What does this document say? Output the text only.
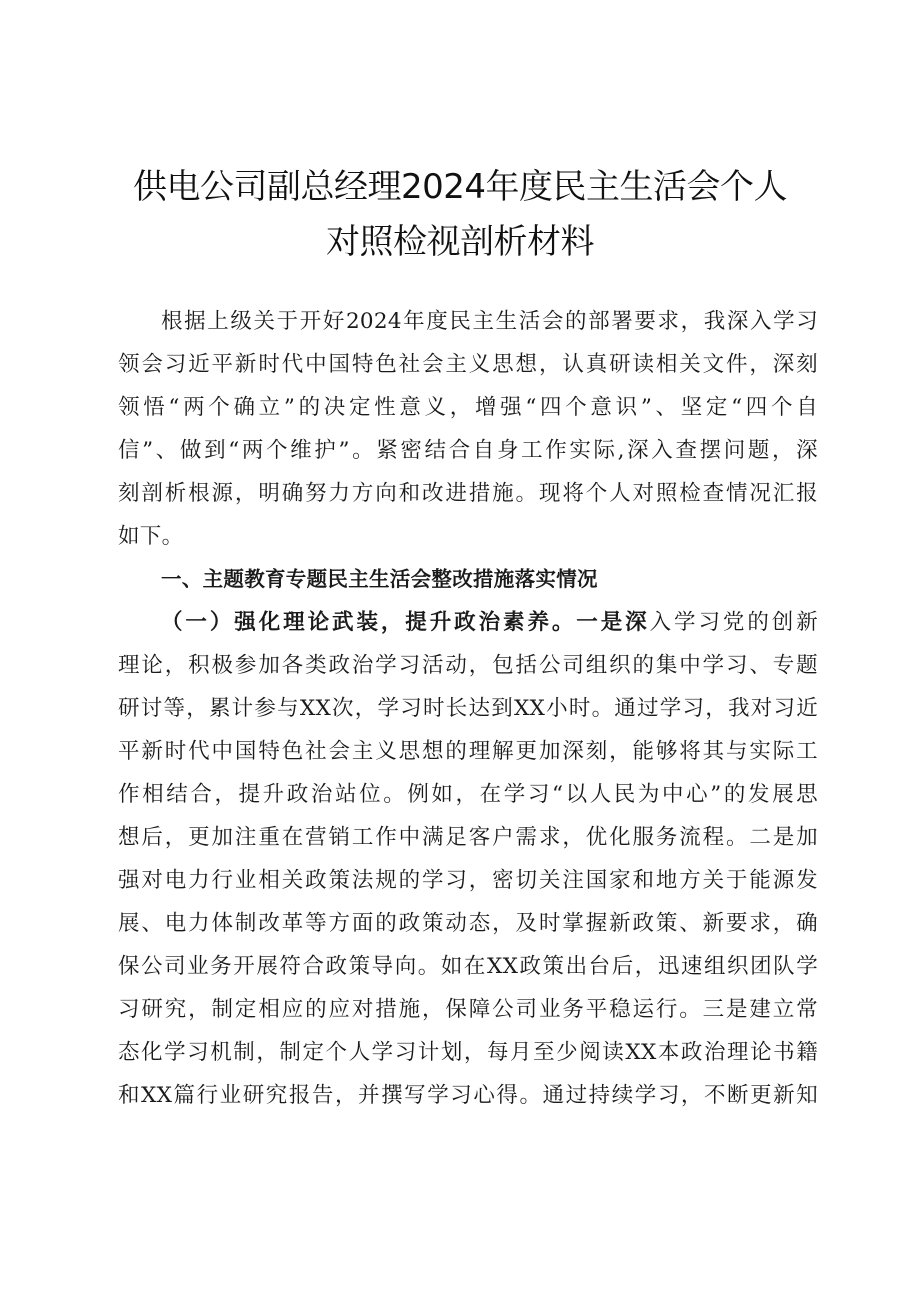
供电公司副总经理2024年度民主生活会个人
对照检视剖析材料
根据上级关于开好2024年度民主生活会的部署要求，我深入学习
领会习近平新时代中国特色社会主义思想，认真研读相关文件，深刻
领悟“两个确立”的决定性意义，增强“四个意识”、坚定“四个自
信”、做到“两个维护”。紧密结合自身工作实际,深入查摆问题，深
刻剖析根源，明确努力方向和改进措施。现将个人对照检查情况汇报
如下。
一、主题教育专题民主生活会整改措施落实情况
（一）强化理论武装，提升政治素养。一是深入学习党的创新
理论，积极参加各类政治学习活动，包括公司组织的集中学习、专题
研讨等，累计参与XX次，学习时长达到XX小时。通过学习，我对习近
平新时代中国特色社会主义思想的理解更加深刻，能够将其与实际工
作相结合，提升政治站位。例如，在学习“以人民为中心”的发展思
想后，更加注重在营销工作中满足客户需求，优化服务流程。二是加
强对电力行业相关政策法规的学习，密切关注国家和地方关于能源发
展、电力体制改革等方面的政策动态，及时掌握新政策、新要求，确
保公司业务开展符合政策导向。如在XX政策出台后，迅速组织团队学
习研究，制定相应的应对措施，保障公司业务平稳运行。三是建立常
态化学习机制，制定个人学习计划，每月至少阅读XX本政治理论书籍
和XX篇行业研究报告，并撰写学习心得。通过持续学习，不断更新知
